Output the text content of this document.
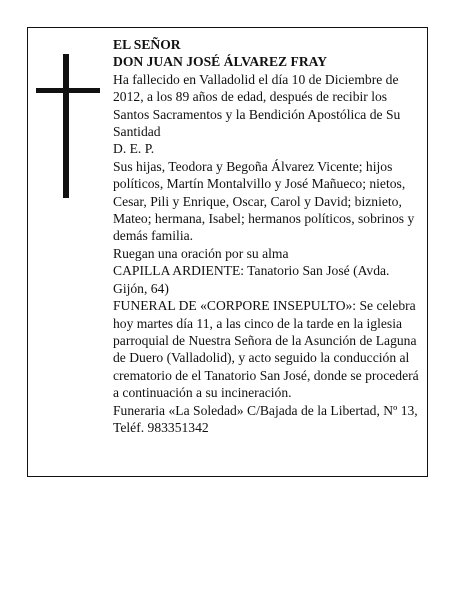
EL SEÑOR

DON JUAN JOSÉ ÁLVAREZ FRAY

Ha fallecido en Valladolid el día 10 de Diciembre de 2012, a los 89 años de edad, después de recibir los Santos Sacramentos y la Bendición Apostólica de Su Santidad

D. E. P.

Sus hijas, Teodora y Begoña Álvarez Vicente; hijos políticos, Martín Montalvillo y José Mañueco; nietos, Cesar, Pili y Enrique, Oscar, Carol y David; biznieto, Mateo; hermana, Isabel; hermanos políticos, sobrinos y demás familia.

Ruegan una oración por su alma

CAPILLA ARDIENTE: Tanatorio San José (Avda. Gijón, 64)

FUNERAL DE «CORPORE INSEPULTO»: Se celebra hoy martes día 11, a las cinco de la tarde en la iglesia parroquial de Nuestra Señora de la Asunción de Laguna de Duero (Valladolid), y acto seguido la conducción al crematorio de el Tanatorio San José, donde se procederá a continuación a su incineración.

Funeraria «La Soledad» C/Bajada de la Libertad, Nº 13, Teléf. 983351342
